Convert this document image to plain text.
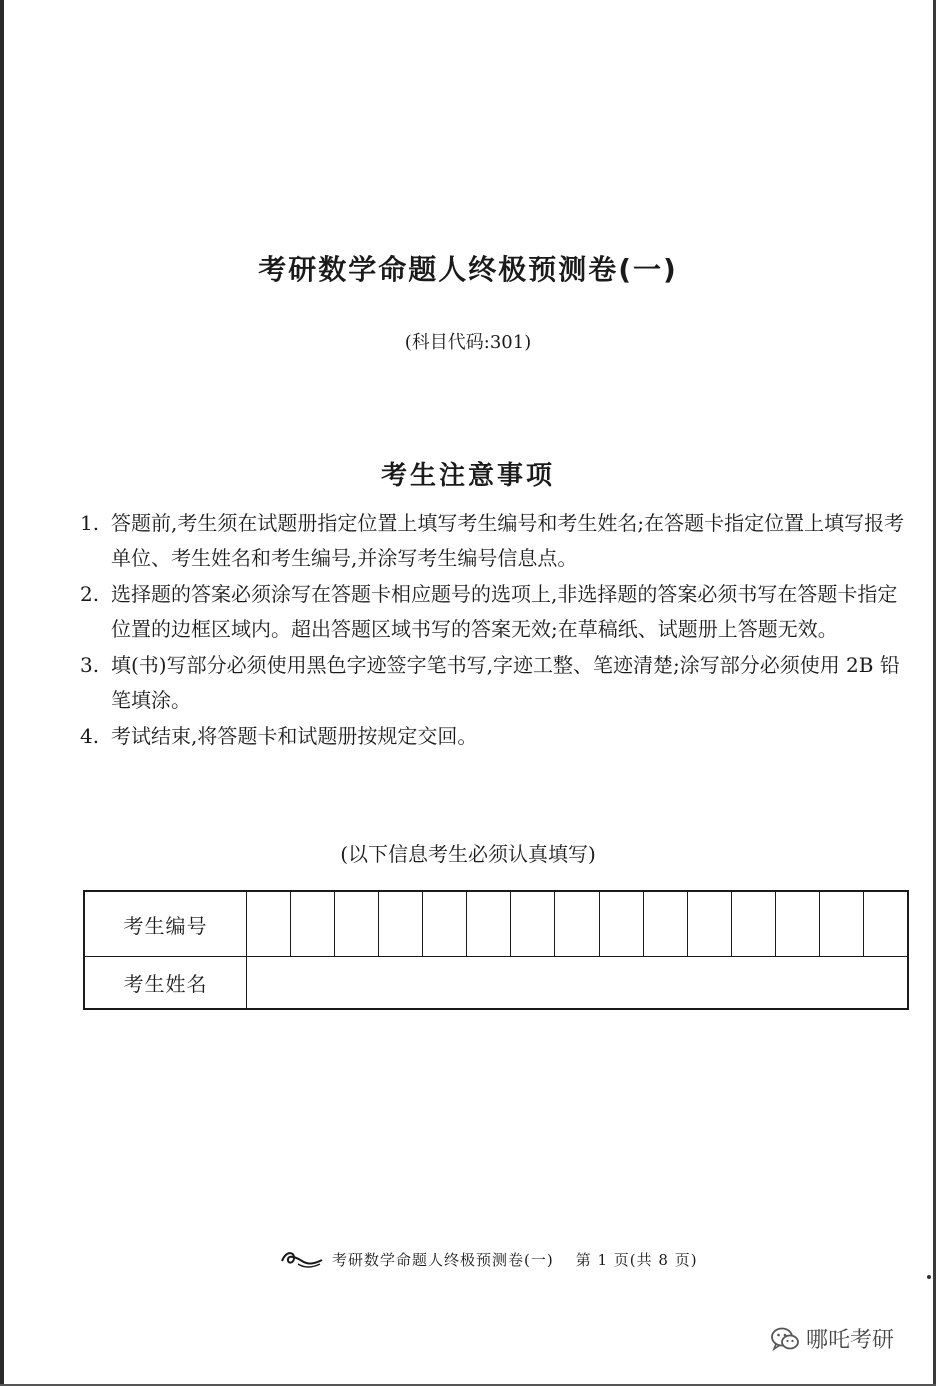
考研数学命题人终极预测卷(一)
(科目代码:301)
考生注意事项
1. 答题前,考生须在试题册指定位置上填写考生编号和考生姓名;在答题卡指定位置上填写报考单位、考生姓名和考生编号,并涂写考生编号信息点。
2. 选择题的答案必须涂写在答题卡相应题号的选项上,非选择题的答案必须书写在答题卡指定位置的边框区域内。超出答题区域书写的答案无效;在草稿纸、试题册上答题无效。
3. 填(书)写部分必须使用黑色字迹签字笔书写,字迹工整、笔迹清楚;涂写部分必须使用 2B 铅笔填涂。
4. 考试结束,将答题卡和试题册按规定交回。
(以下信息考生必须认真填写)
考生编号
考生姓名
考研数学命题人终极预测卷(一) 第 1 页(共 8 页)
哪吒考研
